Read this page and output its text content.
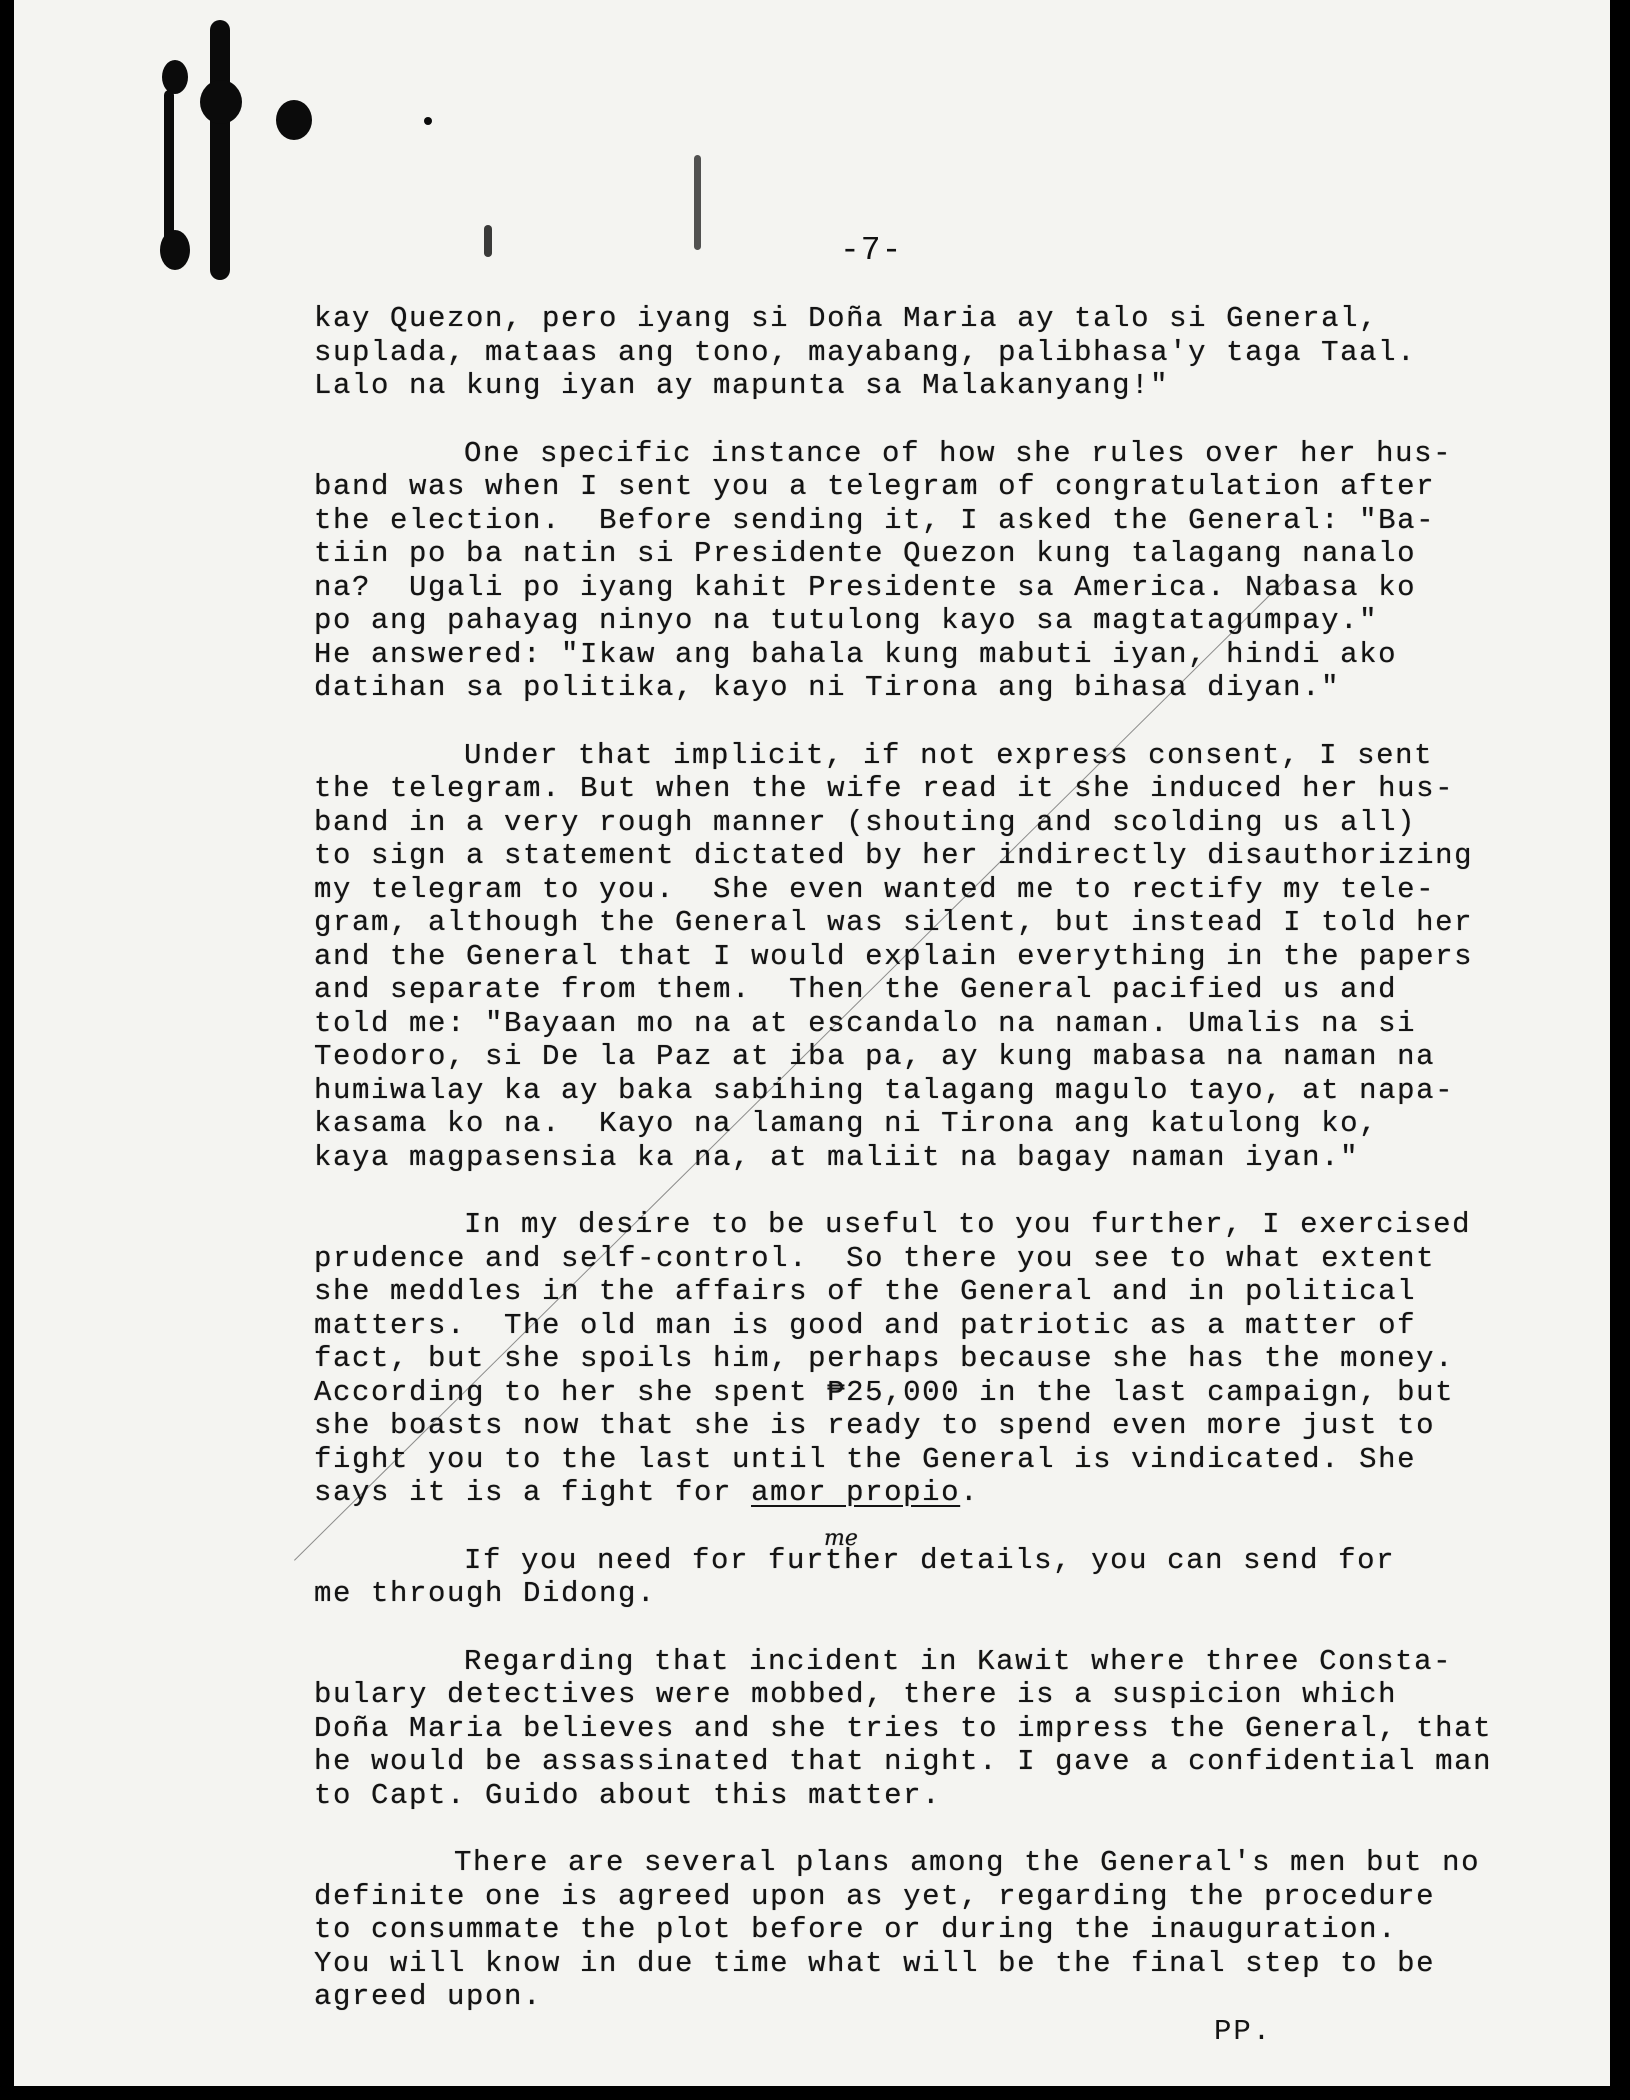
-7-

kay Quezon, pero iyang si Doña Maria ay talo si General,
suplada, mataas ang tono, mayabang, palibhasa'y taga Taal.
Lalo na kung iyan ay mapunta sa Malakanyang!"

One specific instance of how she rules over her hus-
band was when I sent you a telegram of congratulation after
the election.  Before sending it, I asked the General: "Ba-
tiin po ba natin si Presidente Quezon kung talagang nanalo
na?  Ugali po iyang kahit Presidente sa America. Nabasa ko
po ang pahayag ninyo na tutulong kayo sa magtatagumpay."
He answered: "Ikaw ang bahala kung mabuti iyan, hindi ako
datihan sa politika, kayo ni Tirona ang bihasa diyan."

Under that implicit, if not express consent, I sent
the telegram. But when the wife read it she induced her hus-
band in a very rough manner (shouting and scolding us all)
to sign a statement dictated by her indirectly disauthorizing
my telegram to you.  She even wanted me to rectify my tele-
gram, although the General was silent, but instead I told her
and the General that I would explain everything in the papers
and separate from them.  Then the General pacified us and
told me: "Bayaan mo na at escandalo na naman. Umalis na si
Teodoro, si De la Paz at iba pa, ay kung mabasa na naman na
humiwalay ka ay baka sabihing talagang magulo tayo, at napa-
kasama ko na.  Kayo na lamang ni Tirona ang katulong ko,
kaya magpasensia ka na, at maliit na bagay naman iyan."

In my desire to be useful to you further, I exercised
prudence and self-control.  So there you see to what extent
she meddles in the affairs of the General and in political
matters.  The old man is good and patriotic as a matter of
fact, but she spoils him, perhaps because she has the money.
According to her she spent ₱25,000 in the last campaign, but
she boasts now that she is ready to spend even more just to
fight you to the last until the General is vindicated. She
says it is a fight for amor propio.

If you need
me
for further details, you can send for
me through Didong.

Regarding that incident in Kawit where three Consta-
bulary detectives were mobbed, there is a suspicion which
Doña Maria believes and she tries to impress the General, that
he would be assassinated that night. I gave a confidential man
to Capt. Guido about this matter.

There are several plans among the General's men but no
definite one is agreed upon as yet, regarding the procedure
to consummate the plot before or during the inauguration.
You will know in due time what will be the final step to be
agreed upon.

PP.
